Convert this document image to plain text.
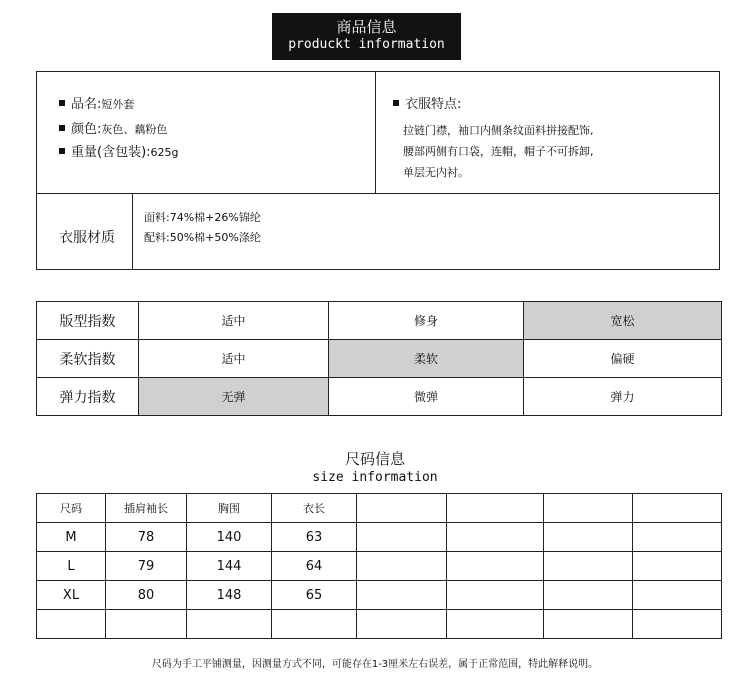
商品信息
produckt information
品名:短外套
颜色:灰色、藕粉色
重量(含包装):625g
衣服特点:
拉链门襟，袖口内侧条纹面料拼接配饰,
腰部两侧有口袋，连帽，帽子不可拆卸,
单层无内衬。
衣服材质
面料:74%棉+26%锦纶
配料:50%棉+50%涤纶
版型指数	适中	修身	宽松
柔软指数	适中	柔软	偏硬
弹力指数	无弹	微弹	弹力
尺码信息
size information
尺码	插肩袖长	胸围	衣长				
M	78	140	63				
L	79	144	64				
XL	80	148	65				

尺码为手工平铺测量，因测量方式不同，可能存在1-3厘米左右误差，属于正常范围，特此解释说明。
